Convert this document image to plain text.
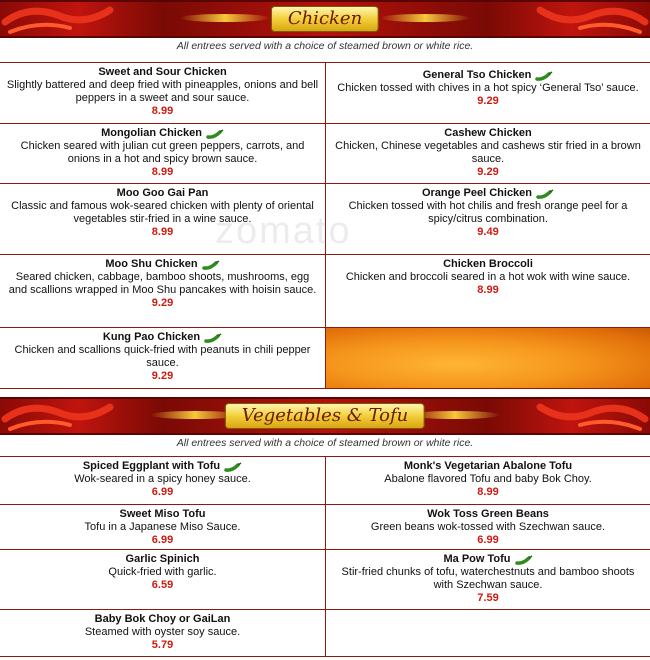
Chicken
All entrees served with a choice of steamed brown or white rice.
Sweet and Sour Chicken
Slightly battered and deep fried with pineapples, onions and bell peppers in a sweet and sour sauce.
8.99
General Tso Chicken
Chicken tossed with chives in a hot spicy ‘General Tso’ sauce.
9.29
Mongolian Chicken
Chicken seared with julian cut green peppers, carrots, and onions in a hot and spicy brown sauce.
8.99
Cashew Chicken
Chicken, Chinese vegetables and cashews stir fried in a brown sauce.
9.29
Moo Goo Gai Pan
Classic and famous wok-seared chicken with plenty of oriental vegetables stir-fried in a wine sauce.
8.99
Orange Peel Chicken
Chicken tossed with hot chilis and fresh orange peel for a spicy/citrus combination.
9.49
Moo Shu Chicken
Seared chicken, cabbage, bamboo shoots, mushrooms, egg and scallions wrapped in Moo Shu pancakes with hoisin sauce.
9.29
Chicken Broccoli
Chicken and broccoli seared in a hot wok with wine sauce.
8.99
Kung Pao Chicken
Chicken and scallions quick-fried with peanuts in chili pepper sauce.
9.29
zomato
Vegetables & Tofu
All entrees served with a choice of steamed brown or white rice.
Spiced Eggplant with Tofu
Wok-seared in a spicy honey sauce.
6.99
Monk's Vegetarian Abalone Tofu
Abalone flavored Tofu and baby Bok Choy.
8.99
Sweet Miso Tofu
Tofu in a Japanese Miso Sauce.
6.99
Wok Toss Green Beans
Green beans wok-tossed with Szechwan sauce.
6.99
Garlic Spinich
Quick-fried with garlic.
6.59
Ma Pow Tofu
Stir-fried chunks of tofu, waterchestnuts and bamboo shoots with Szechwan sauce.
7.59
Baby Bok Choy or GaiLan
Steamed with oyster soy sauce.
5.79
